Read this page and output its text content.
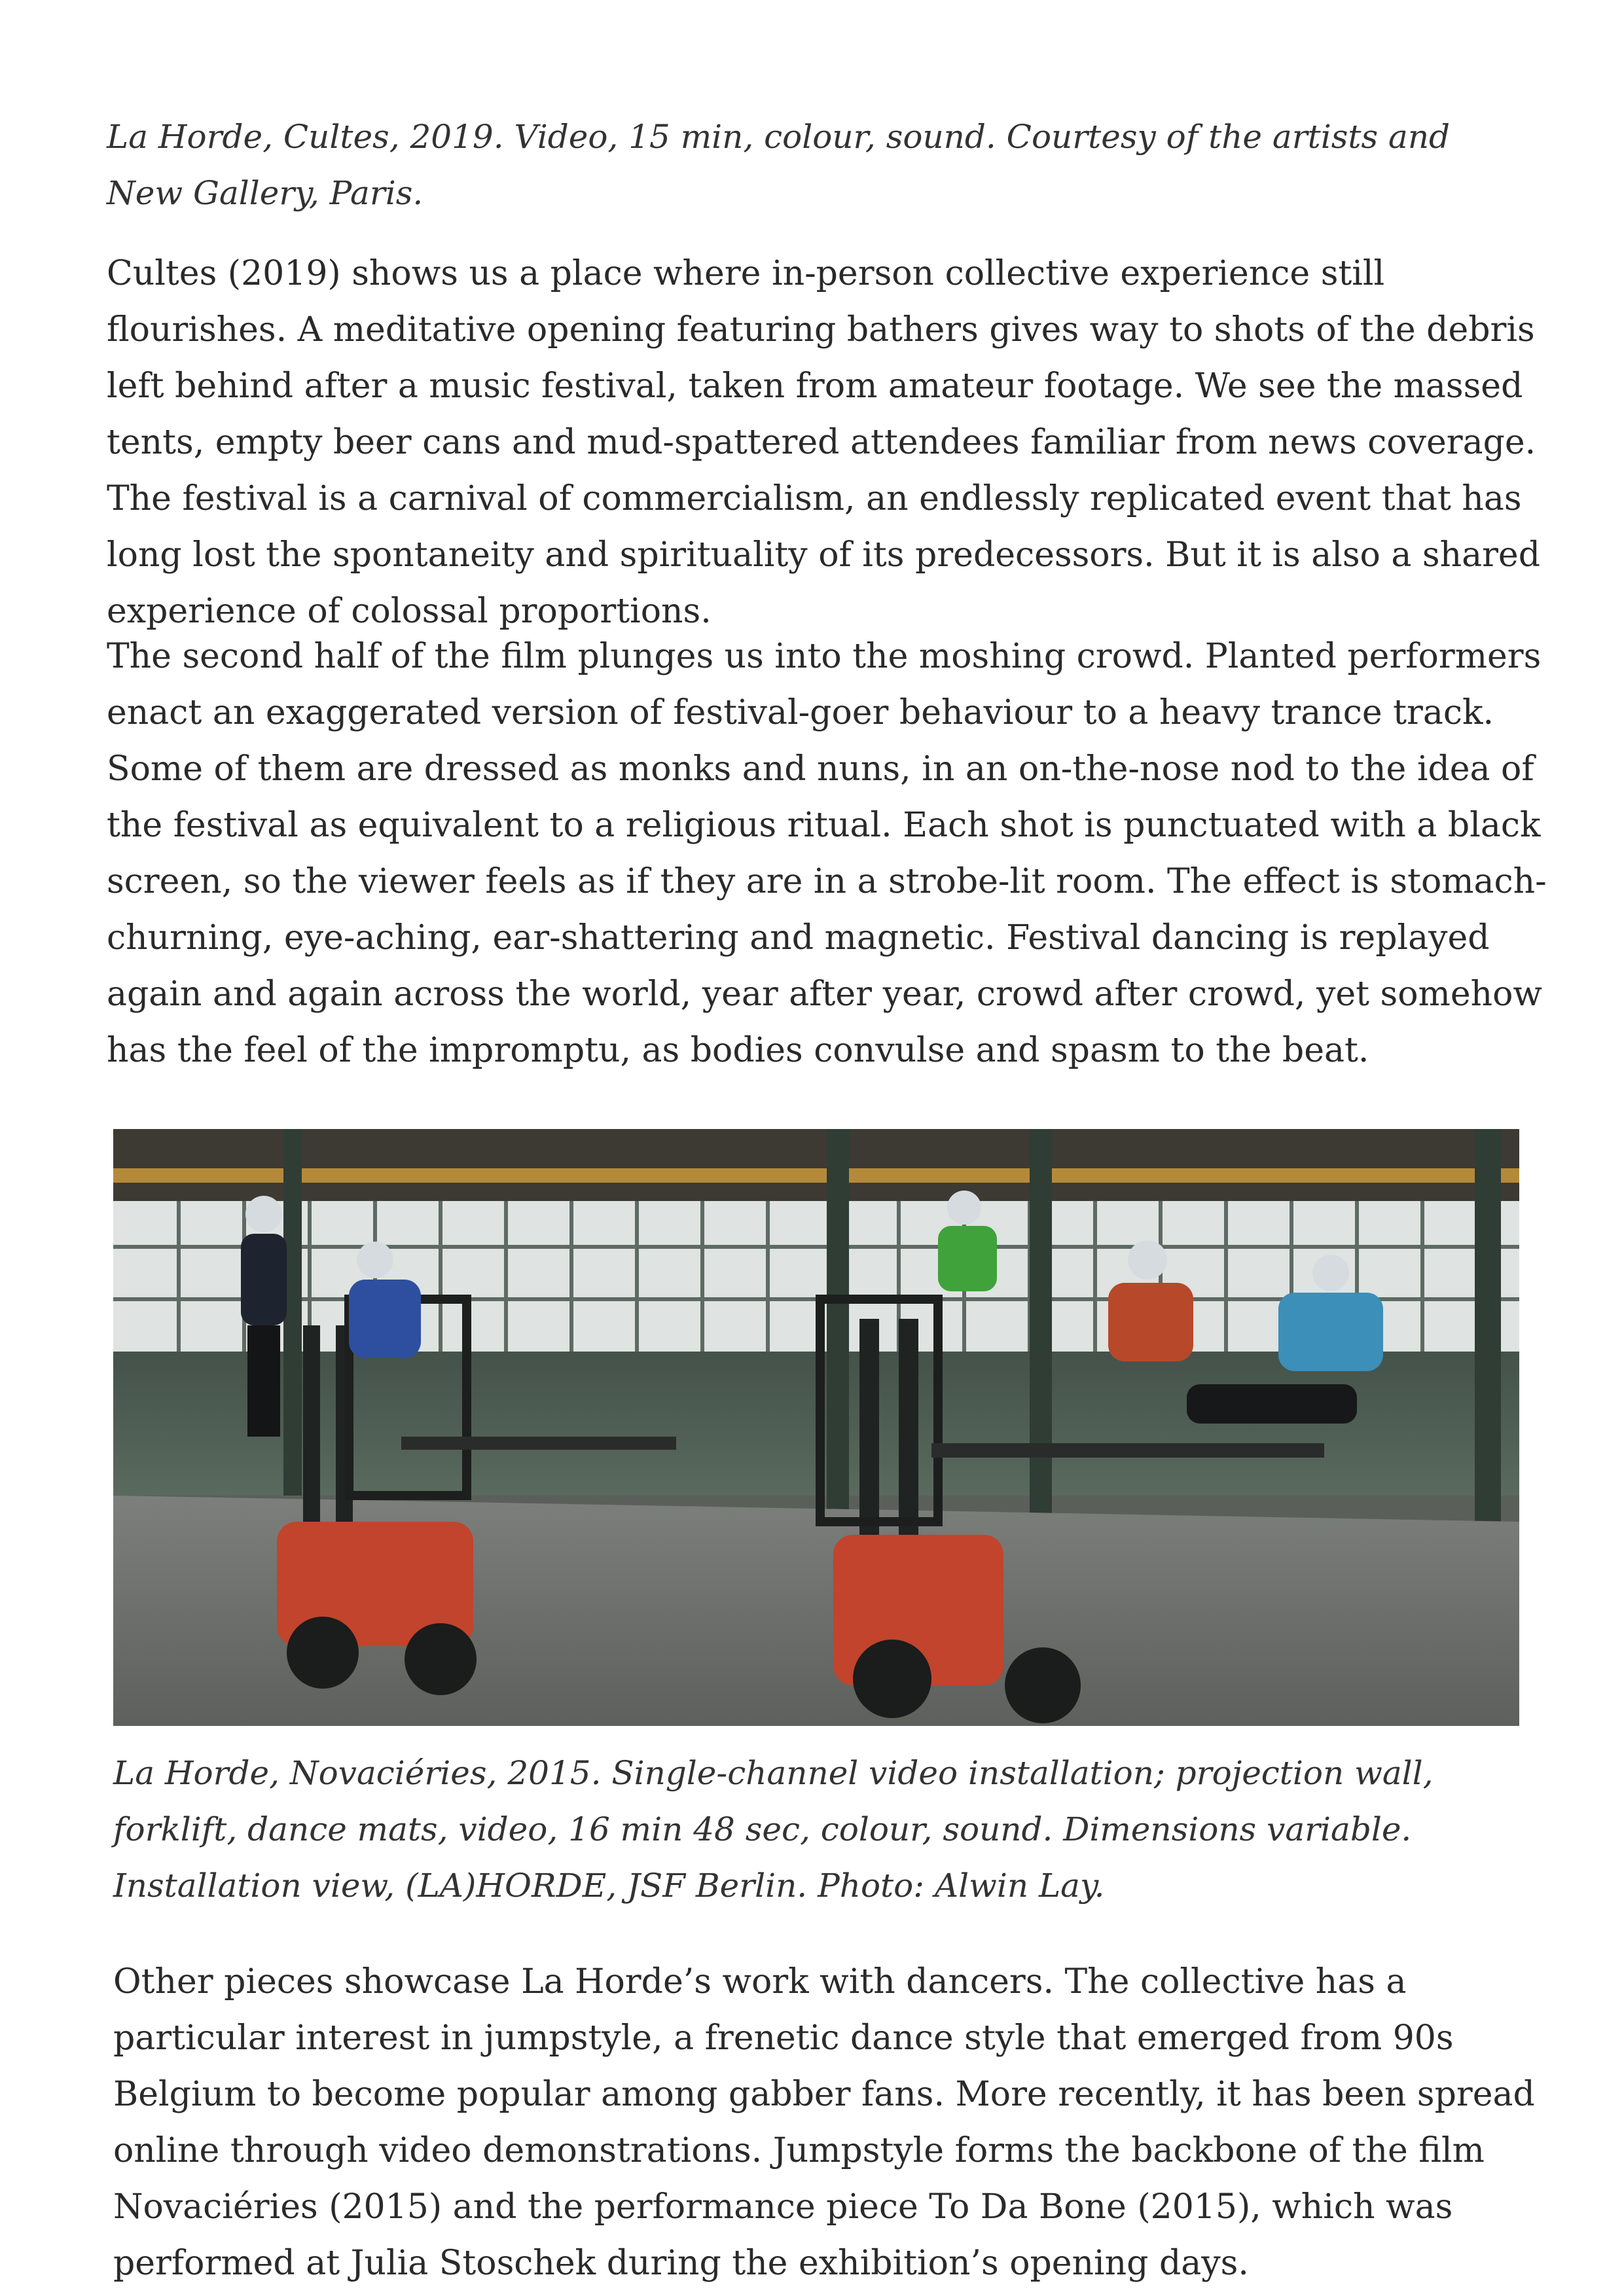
La Horde, Cultes, 2019. Video, 15 min, colour, sound. Courtesy of the artists and New Gallery, Paris.

Cultes (2019) shows us a place where in-person collective experience still flourishes. A meditative opening featuring bathers gives way to shots of the debris left behind after a music festival, taken from amateur footage. We see the massed tents, empty beer cans and mud-spattered attendees familiar from news coverage. The festival is a carnival of commercialism, an endlessly replicated event that has long lost the spontaneity and spirituality of its predecessors. But it is also a shared experience of colossal proportions.

The second half of the film plunges us into the moshing crowd. Planted performers enact an exaggerated version of festival-goer behaviour to a heavy trance track. Some of them are dressed as monks and nuns, in an on-the-nose nod to the idea of the festival as equivalent to a religious ritual. Each shot is punctuated with a black screen, so the viewer feels as if they are in a strobe-lit room. The effect is stomach-churning, eye-aching, ear-shattering and magnetic. Festival dancing is replayed again and again across the world, year after year, crowd after crowd, yet somehow has the feel of the impromptu, as bodies convulse and spasm to the beat.

La Horde, Novaciéries, 2015. Single-channel video installation; projection wall, forklift, dance mats, video, 16 min 48 sec, colour, sound. Dimensions variable. Installation view, (LA)HORDE, JSF Berlin. Photo: Alwin Lay.

Other pieces showcase La Horde’s work with dancers. The collective has a particular interest in jumpstyle, a frenetic dance style that emerged from 90s Belgium to become popular among gabber fans. More recently, it has been spread online through video demonstrations. Jumpstyle forms the backbone of the film Novaciéries (2015) and the performance piece To Da Bone (2015), which was performed at Julia Stoschek during the exhibition’s opening days.
